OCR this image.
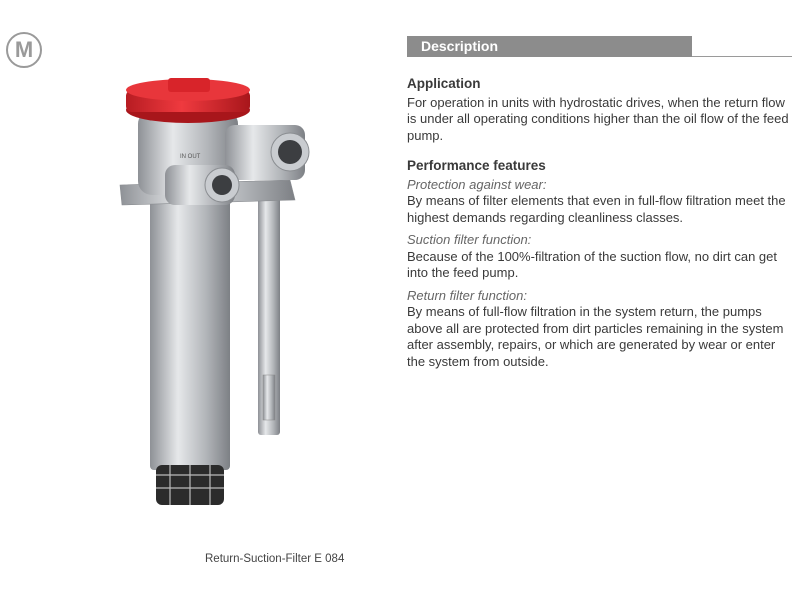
M
IN OUT
Return-Suction-Filter E 084
Description
Application

For operation in units with hydrostatic drives, when the return flow is under all operating conditions higher than the oil flow of the feed pump.

Performance features

Protection against wear:

By means of filter elements that even in full-flow filtration meet the highest demands regarding cleanliness classes.

Suction filter function:

Because of the 100%-filtration of the suction flow, no dirt can get into the feed pump.

Return filter function:

By means of full-flow filtration in the system return, the pumps above all are protected from dirt particles remaining in the system after assembly, repairs, or which are generated by wear or enter the system from outside.
